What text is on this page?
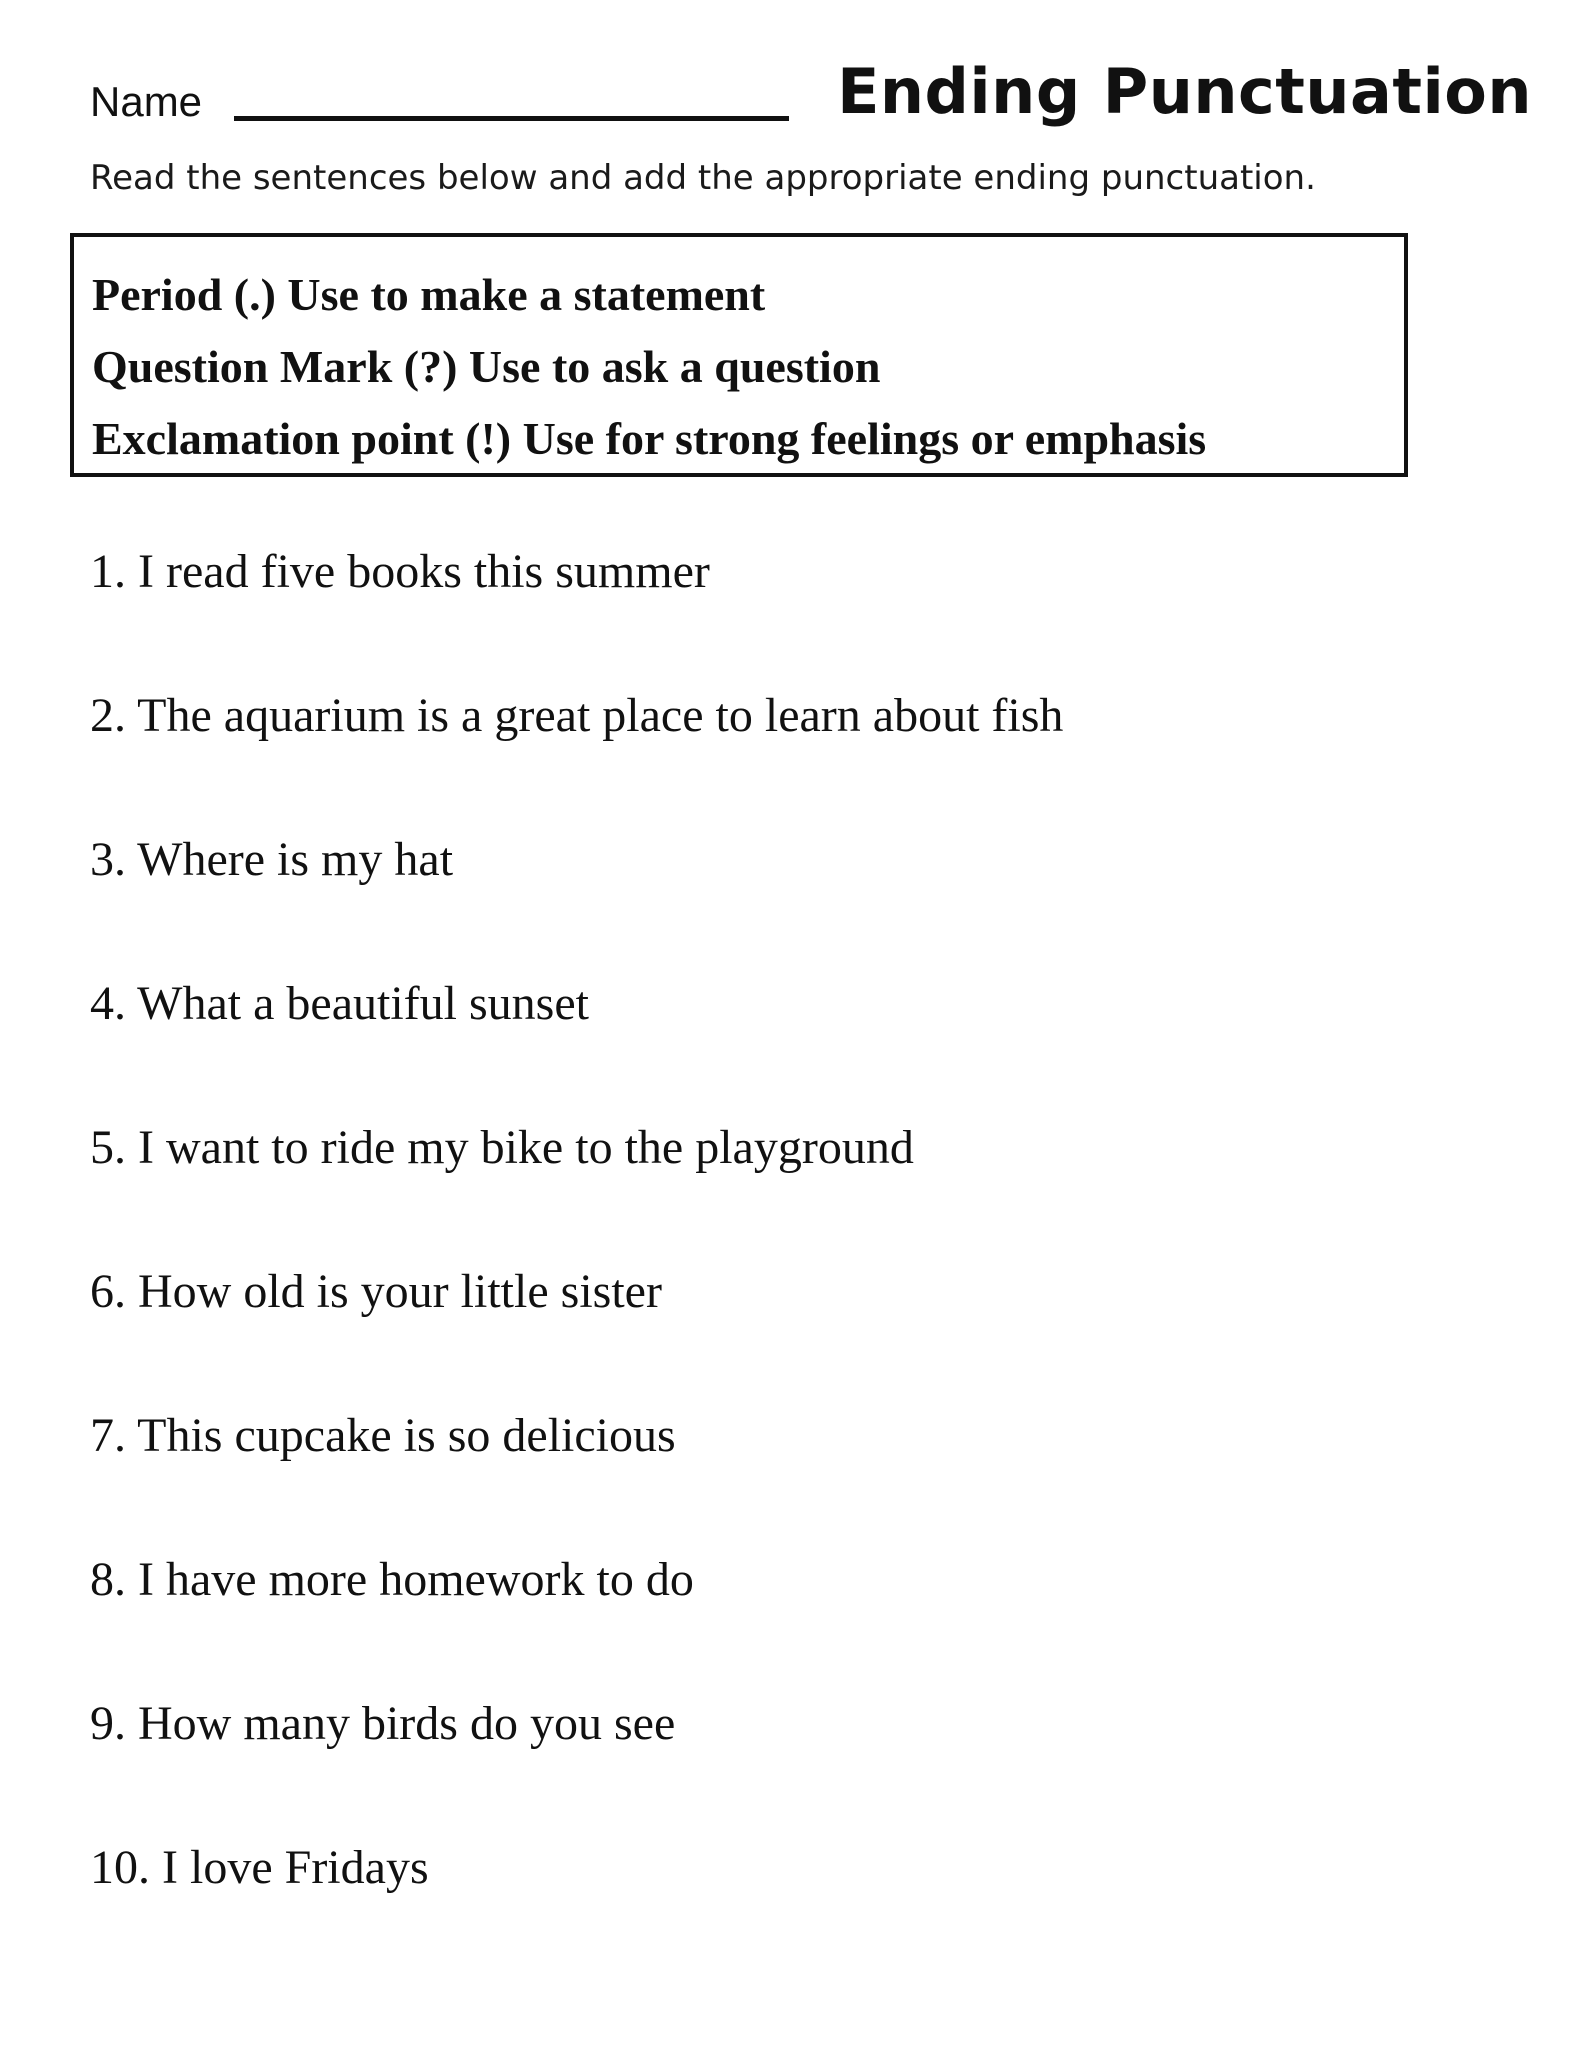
Name	Ending Punctuation

Read the sentences below and add the appropriate ending punctuation.

Period (.) Use to make a statement

Question Mark (?) Use to ask a question

Exclamation point (!) Use for strong feelings or emphasis

1. I read five books this summer
2. The aquarium is a great place to learn about fish
3. Where is my hat
4. What a beautiful sunset
5. I want to ride my bike to the playground
6. How old is your little sister
7. This cupcake is so delicious
8. I have more homework to do
9. How many birds do you see
10. I love Fridays
